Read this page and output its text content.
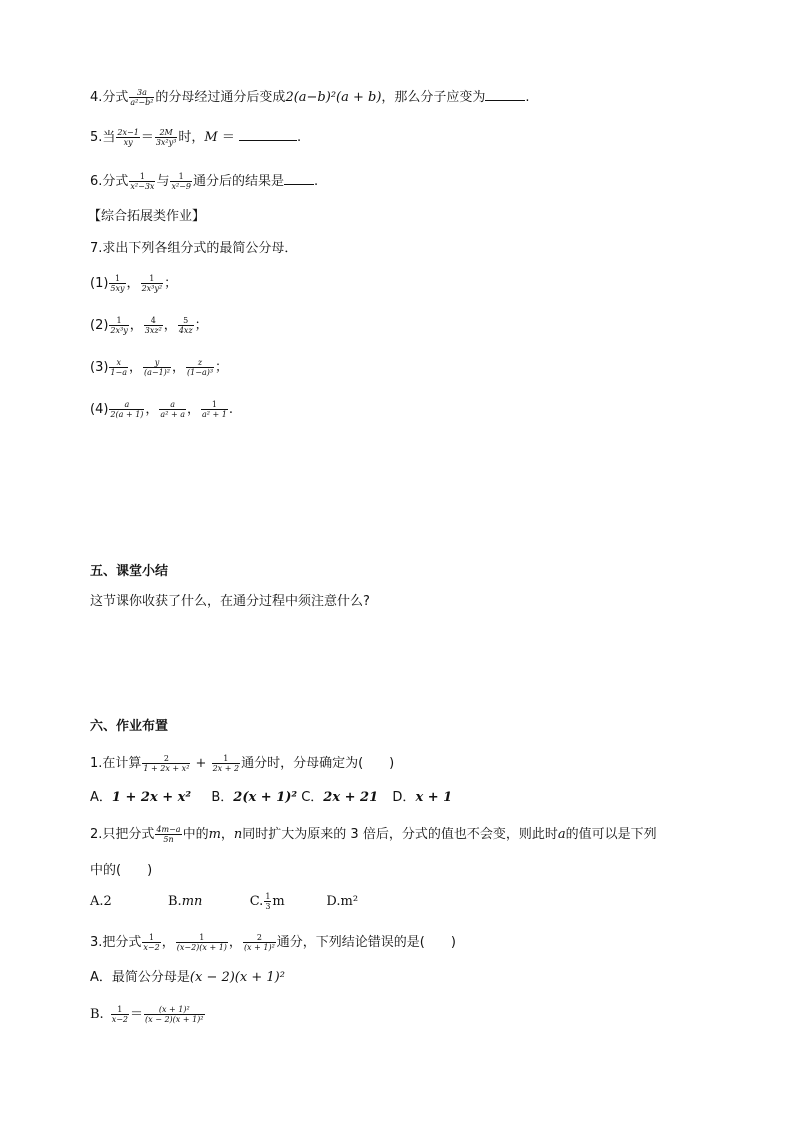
4.分式 $\frac{3a}{\text{a²−b²}}$ 的分母经过通分后变成2(a−b)²(a + b)，那么分子应变为	.
5.当 $\frac{2x-1}{xy} = \frac{2M}{\text{3x²y³}}$ 时，M ＝	.
6.分式 $\frac{1}{\text{x²−3x}}$ 与 $\frac{1}{\text{x²−9}}$ 通分后的结果是 .
【综合拓展类作业】
7.求出下列各组分式的最简公分母．
$(1) \frac{1}{5xy}$ ， $\frac{1}{\text{2x³y²}}$ ；
$(2) \frac{1}{\text{2x³y}}$ ， $\frac{4}{\text{3xz²}}$ ， $\frac{5}{4xz}$ ；
$(3) \frac{x}{1-a}$ ， $\frac{y}{\text{(a−1)²}}$ ， $\frac{z}{\text{(1−a)³}}$ ；
$(4) \frac{a}{2(a + 1)}$ ， $\frac{a}{\text{a² + a}}$ ， $\frac{1}{\text{a² + 1}}$ .
五、课堂小结
这节课你收获了什么，在通分过程中须注意什么?
六、作业布置
1.在计算 $\frac{2}{\text{1 + 2x + x²}} + \frac{1}{2x + 2}$ 通分时，分母确定为(　　)
A．1 + 2x + x² B．2(x + 1)² C．2x + 21 D．x + 1
2.只把分式 $\frac{4m-a}{5n}$ 中的m，n同时扩大为原来的 3 倍后，分式的值也不会变，则此时a的值可以是下列
中的(　　)
A.2	B.mn	C. $\frac{1}{3}$ m	D.m²
3.把分式 $\frac{1}{x-2}$ ， $\frac{1}{(x-2)(x + 1)}$ ， $\frac{2}{\text{(x + 1)²}}$ 通分，下列结论错误的是(　　)
A．最简公分母是(x − 2)(x + 1)²
B. $\frac{1}{x-2} = \frac{\text{(x + 1)²}}{\text{(x − 2)(x + 1)²}}$
